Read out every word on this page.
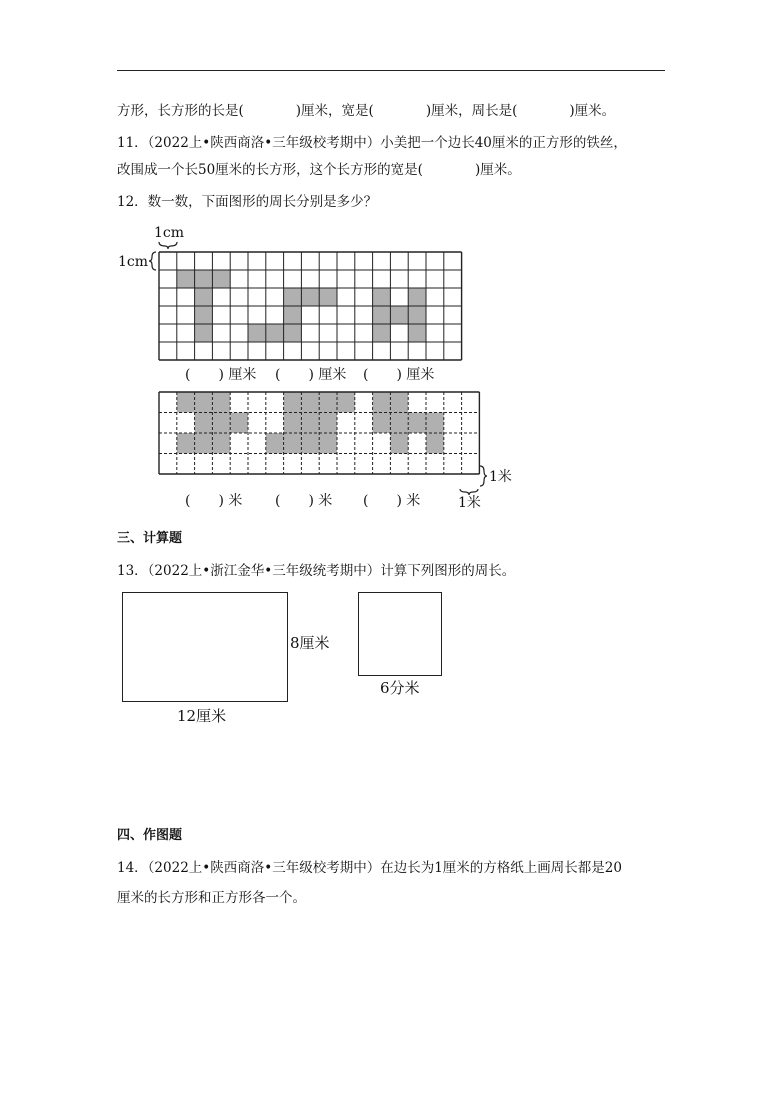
方形，长方形的长是(	)厘米，宽是(	)厘米，周长是(	)厘米。
11．（2022上•陕西商洛•三年级校考期中）小美把一个边长40厘米的正方形的铁丝，
改围成一个长50厘米的长方形，这个长方形的宽是(	)厘米。
12．数一数，下面图形的周长分别是多少？
1cm
1cm
(　　) 厘米 (　　) 厘米 (　　) 厘米
1米
1米
(　　) 米 (　　) 米 (　　) 米
三、计算题
13．（2022上•浙江金华•三年级统考期中）计算下列图形的周长。
8厘米
12厘米
6分米
四、作图题
14．（2022上•陕西商洛•三年级校考期中）在边长为1厘米的方格纸上画周长都是20
厘米的长方形和正方形各一个。
